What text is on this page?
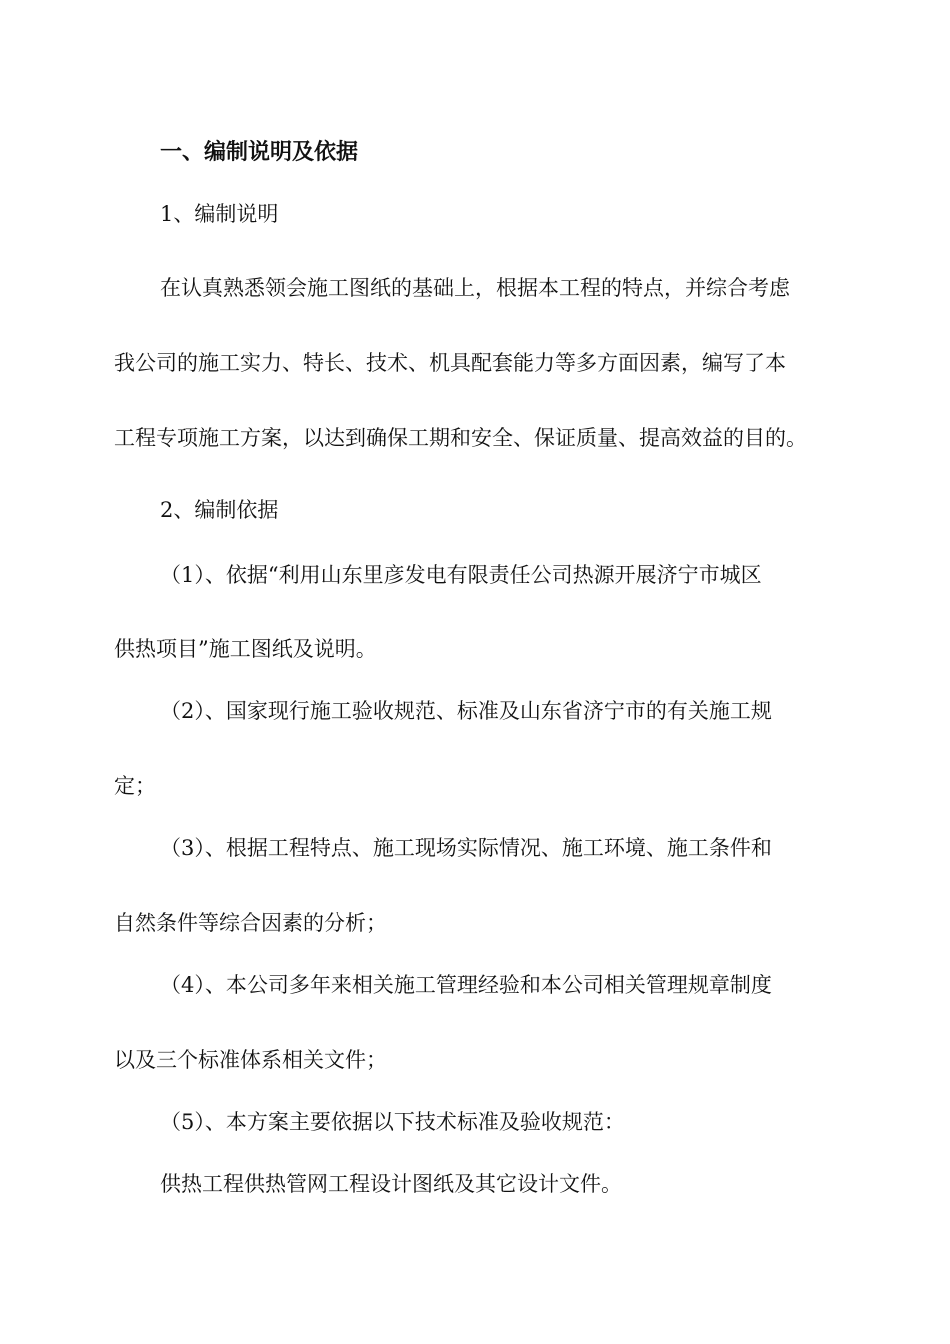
一、编制说明及依据
1、编制说明
在认真熟悉领会施工图纸的基础上，根据本工程的特点，并综合考虑
我公司的施工实力、特长、技术、机具配套能力等多方面因素，编写了本
工程专项施工方案，以达到确保工期和安全、保证质量、提高效益的目的。
2、编制依据
（1）、依据“利用山东里彦发电有限责任公司热源开展济宁市城区
供热项目”施工图纸及说明。
（2）、国家现行施工验收规范、标准及山东省济宁市的有关施工规
定；
（3）、根据工程特点、施工现场实际情况、施工环境、施工条件和
自然条件等综合因素的分析；
（4）、本公司多年来相关施工管理经验和本公司相关管理规章制度
以及三个标准体系相关文件；
（5）、本方案主要依据以下技术标准及验收规范：
供热工程供热管网工程设计图纸及其它设计文件。
